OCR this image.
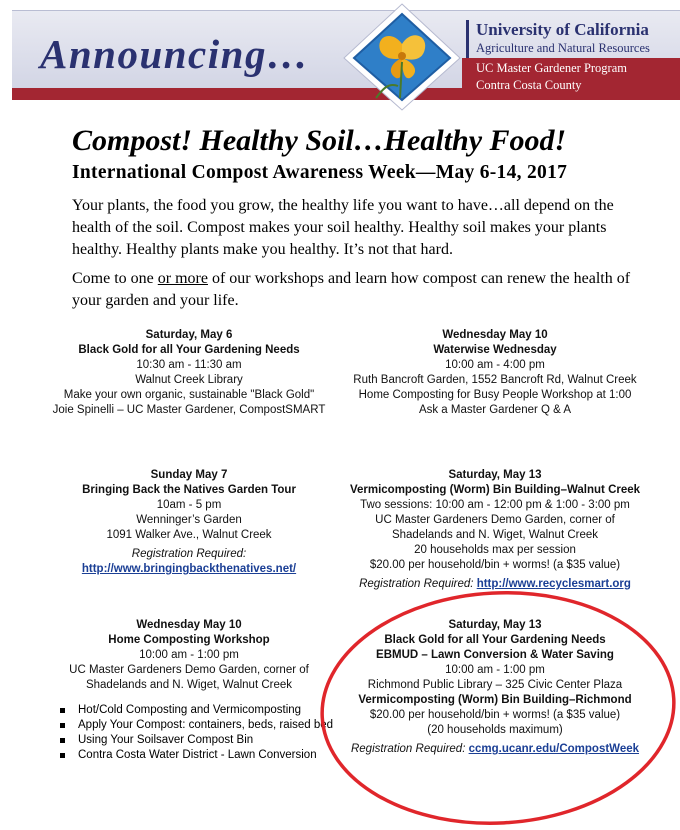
Announcing…
University of California
Agriculture and Natural Resources
UC Master Gardener Program
Contra Costa County
Compost! Healthy Soil…Healthy Food!
International Compost Awareness Week—May 6-14, 2017
Your plants, the food you grow, the healthy life you want to have…all depend on the health of the soil. Compost makes your soil healthy. Healthy soil makes your plants healthy. Healthy plants make you healthy. It’s not that hard.
Come to one or more of our workshops and learn how compost can renew the health of your garden and your life.
Saturday, May 6
Black Gold for all Your Gardening Needs
10:30 am - 11:30 am
Walnut Creek Library
Make your own organic, sustainable "Black Gold"
Joie Spinelli – UC Master Gardener, CompostSMART
Wednesday May 10
Waterwise Wednesday
10:00 am - 4:00 pm
Ruth Bancroft Garden, 1552 Bancroft Rd, Walnut Creek
Home Composting for Busy People Workshop at 1:00
Ask a Master Gardener Q & A
Sunday May 7
Bringing Back the Natives Garden Tour
10am - 5 pm
Wenninger’s Garden
1091 Walker Ave., Walnut Creek
Registration Required:
http://www.bringingbackthenatives.net/
Saturday, May 13
Vermicomposting (Worm) Bin Building–Walnut Creek
Two sessions: 10:00 am - 12:00 pm & 1:00 - 3:00 pm
UC Master Gardeners Demo Garden, corner of
Shadelands and N. Wiget, Walnut Creek
20 households max per session
$20.00 per household/bin + worms! (a $35 value)
Registration Required: http://www.recyclesmart.org
Wednesday May 10
Home Composting Workshop
10:00 am - 1:00 pm
UC Master Gardeners Demo Garden, corner of
Shadelands and N. Wiget, Walnut Creek
Hot/Cold Composting and Vermicomposting
Apply Your Compost: containers, beds, raised bed
Using Your Soilsaver Compost Bin
Contra Costa Water District - Lawn Conversion
Saturday, May 13
Black Gold for all Your Gardening Needs
EBMUD – Lawn Conversion & Water Saving
10:00 am - 1:00 pm
Richmond Public Library – 325 Civic Center Plaza
Vermicomposting (Worm) Bin Building–Richmond
$20.00 per household/bin + worms! (a $35 value)
(20 households maximum)
Registration Required: ccmg.ucanr.edu/CompostWeek
